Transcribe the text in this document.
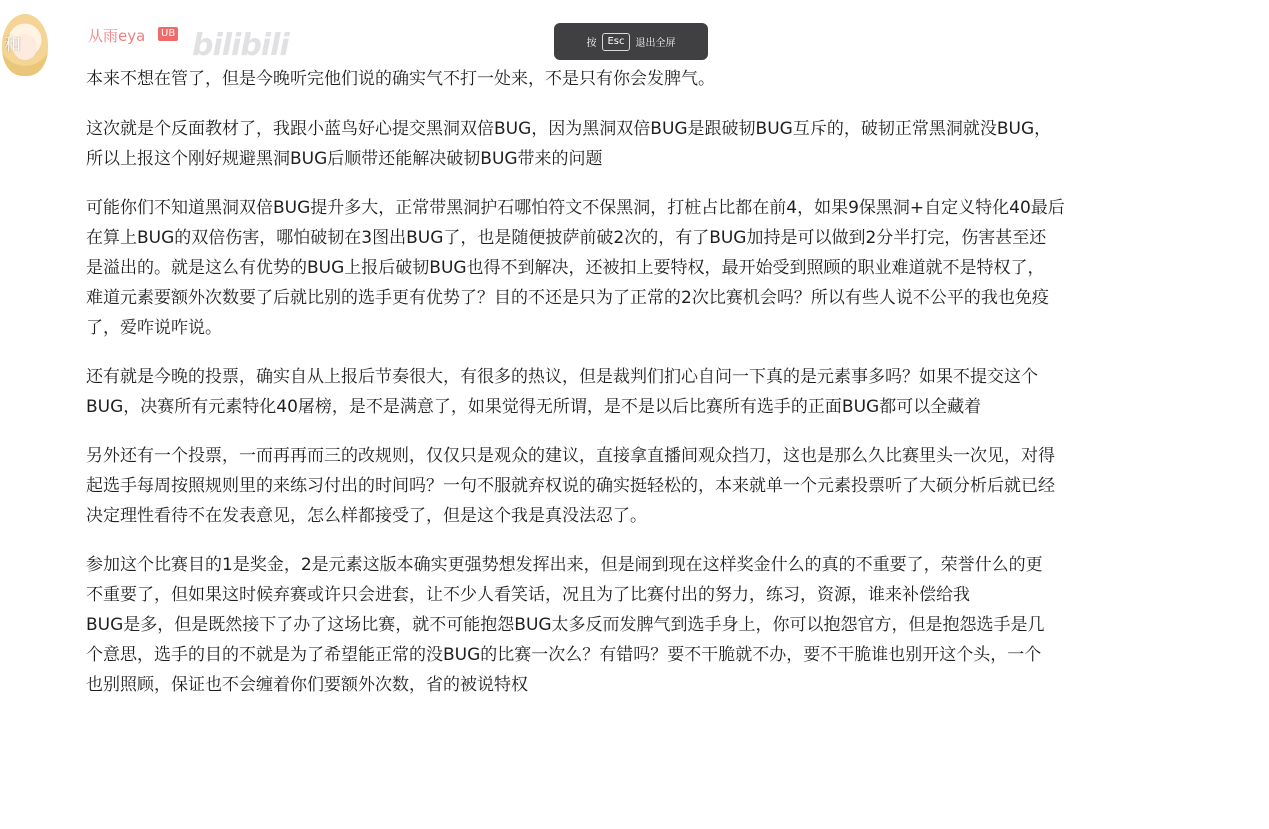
和	从雨eya	UB bilibili	按	Esc	退出全屏

本来不想在管了，但是今晚听完他们说的确实气不打一处来，不是只有你会发脾气。

这次就是个反面教材了，我跟小蓝鸟好心提交黑洞双倍BUG，因为黑洞双倍BUG是跟破韧BUG互斥的，破韧正常黑洞就没BUG，
所以上报这个刚好规避黑洞BUG后顺带还能解决破韧BUG带来的问题

可能你们不知道黑洞双倍BUG提升多大，正常带黑洞护石哪怕符文不保黑洞，打桩占比都在前4，如果9保黑洞+自定义特化40最后
在算上BUG的双倍伤害，哪怕破韧在3图出BUG了，也是随便披萨前破2次的，有了BUG加持是可以做到2分半打完，伤害甚至还
是溢出的。就是这么有优势的BUG上报后破韧BUG也得不到解决，还被扣上要特权，最开始受到照顾的职业难道就不是特权了，
难道元素要额外次数要了后就比别的选手更有优势了？目的不还是只为了正常的2次比赛机会吗？所以有些人说不公平的我也免疫
了，爱咋说咋说。

还有就是今晚的投票，确实自从上报后节奏很大，有很多的热议，但是裁判们扪心自问一下真的是元素事多吗？如果不提交这个
BUG，决赛所有元素特化40屠榜，是不是满意了，如果觉得无所谓，是不是以后比赛所有选手的正面BUG都可以全藏着

另外还有一个投票，一而再再而三的改规则，仅仅只是观众的建议，直接拿直播间观众挡刀，这也是那么久比赛里头一次见，对得
起选手每周按照规则里的来练习付出的时间吗？一句不服就弃权说的确实挺轻松的，本来就单一个元素投票听了大硕分析后就已经
决定理性看待不在发表意见，怎么样都接受了，但是这个我是真没法忍了。

参加这个比赛目的1是奖金，2是元素这版本确实更强势想发挥出来，但是闹到现在这样奖金什么的真的不重要了，荣誉什么的更
不重要了，但如果这时候弃赛或许只会进套，让不少人看笑话，况且为了比赛付出的努力，练习，资源，谁来补偿给我
BUG是多，但是既然接下了办了这场比赛，就不可能抱怨BUG太多反而发脾气到选手身上，你可以抱怨官方，但是抱怨选手是几
个意思，选手的目的不就是为了希望能正常的没BUG的比赛一次么？有错吗？要不干脆就不办，要不干脆谁也别开这个头，一个
也别照顾，保证也不会缠着你们要额外次数，省的被说特权
